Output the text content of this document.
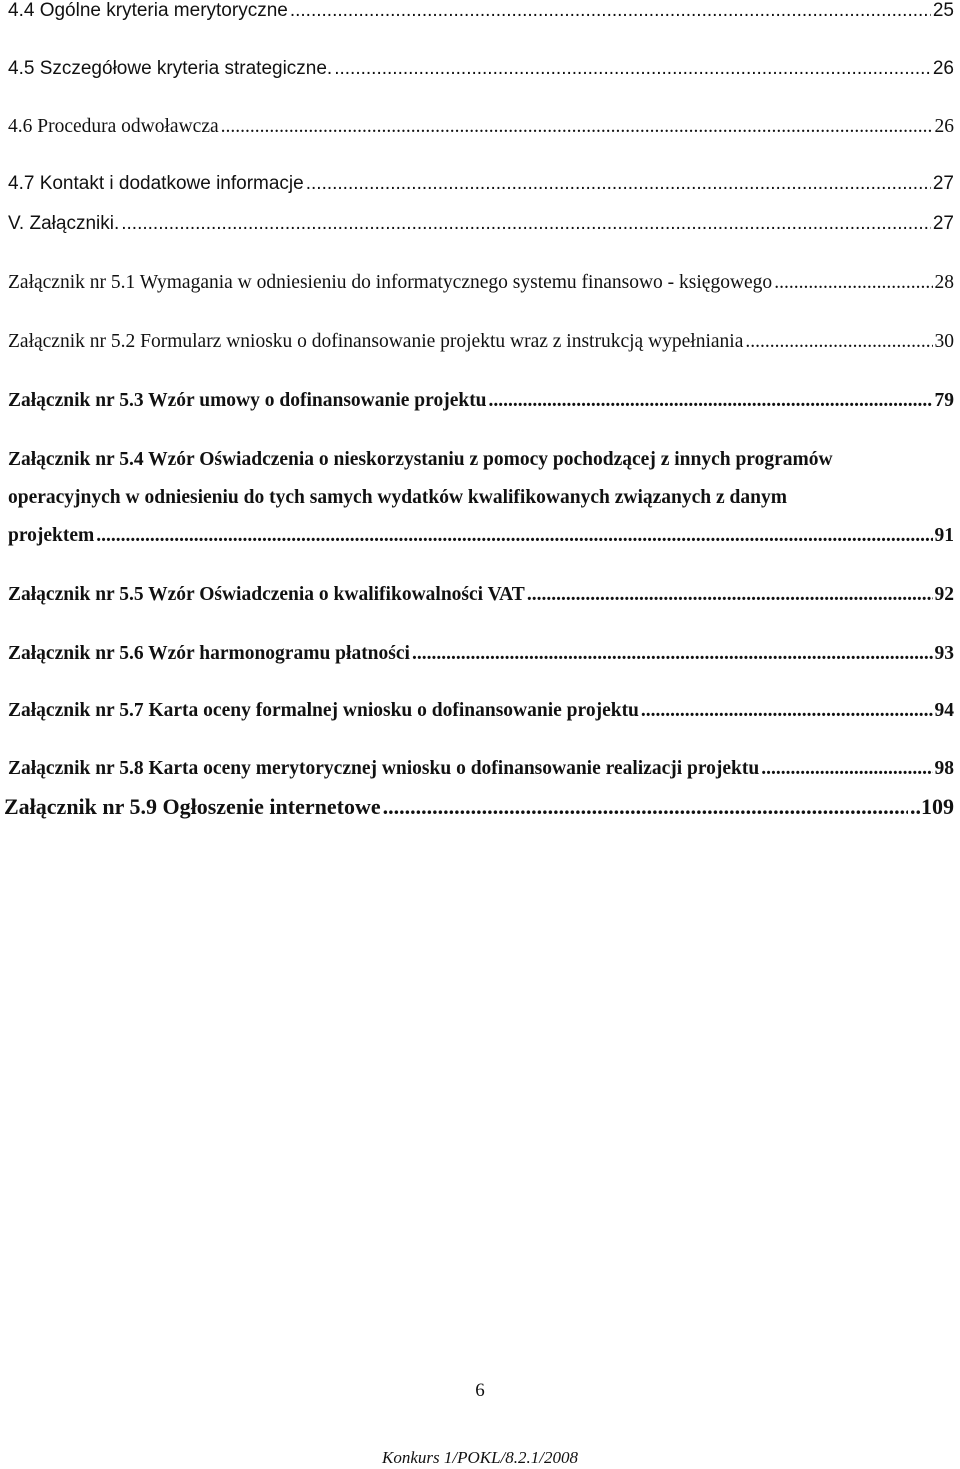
4.4 Ogólne kryteria merytoryczne .....	25
4.5 Szczegółowe kryteria strategiczne. .....	26
4.6 Procedura odwoławcza .....	26
4.7 Kontakt i dodatkowe informacje .....	27
V. Załączniki. .....	27
Załącznik nr 5.1 Wymagania w odniesieniu do informatycznego systemu finansowo - księgowego .....	28
Załącznik nr 5.2 Formularz wniosku o dofinansowanie projektu wraz z instrukcją wypełniania .....	30
Załącznik nr 5.3 Wzór umowy o dofinansowanie projektu .....	79
Załącznik nr 5.4 Wzór Oświadczenia o nieskorzystaniu z pomocy pochodzącej z innych programów
operacyjnych w odniesieniu do tych samych wydatków kwalifikowanych związanych z danym
projektem .....	91
Załącznik nr 5.5 Wzór Oświadczenia o kwalifikowalności VAT .....	92
Załącznik nr 5.6 Wzór harmonogramu płatności .....	93
Załącznik nr 5.7 Karta oceny formalnej wniosku o dofinansowanie projektu .....	94
Załącznik nr 5.8 Karta oceny merytorycznej wniosku o dofinansowanie realizacji projektu .....	98
Załącznik nr 5.9 Ogłoszenie internetowe .....	..109
6
Konkurs 1/POKL/8.2.1/2008
